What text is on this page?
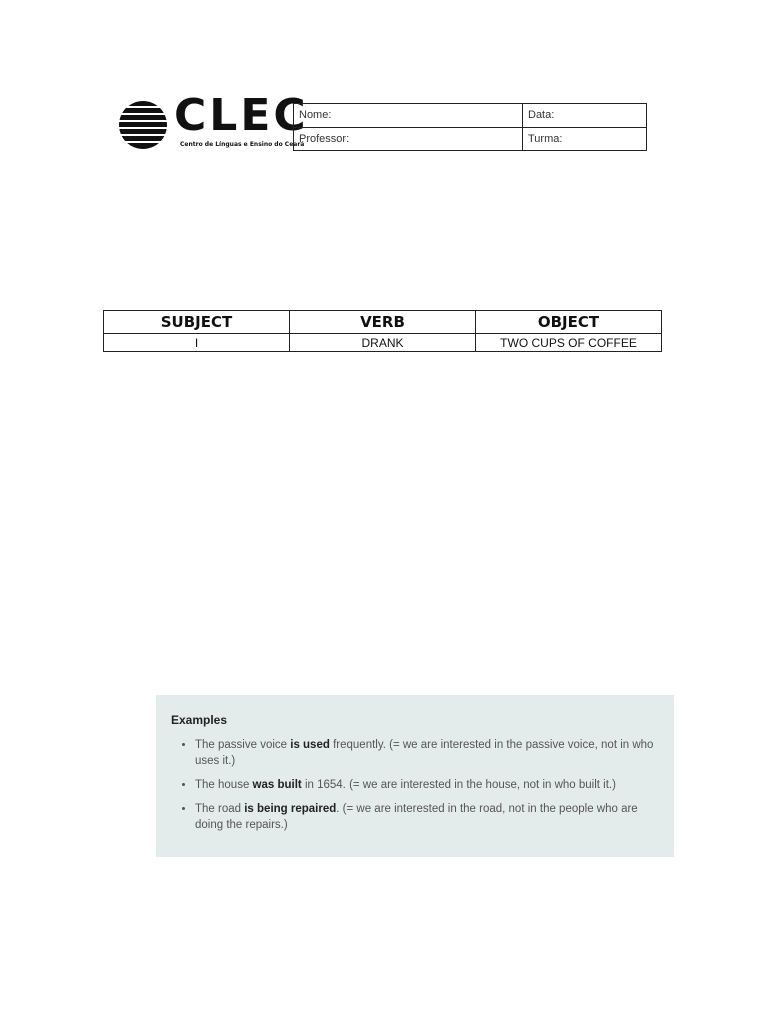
CLEC
Centro de Línguas e Ensino do Ceará
Nome:	Data:
Professor:	Turma:
SUBJECT	VERB	OBJECT
I	DRANK	TWO CUPS OF COFFEE
Examples
• The passive voice is used frequently. (= we are interested in the passive voice, not in who uses it.)
• The house was built in 1654. (= we are interested in the house, not in who built it.)
• The road is being repaired. (= we are interested in the road, not in the people who are doing the repairs.)
